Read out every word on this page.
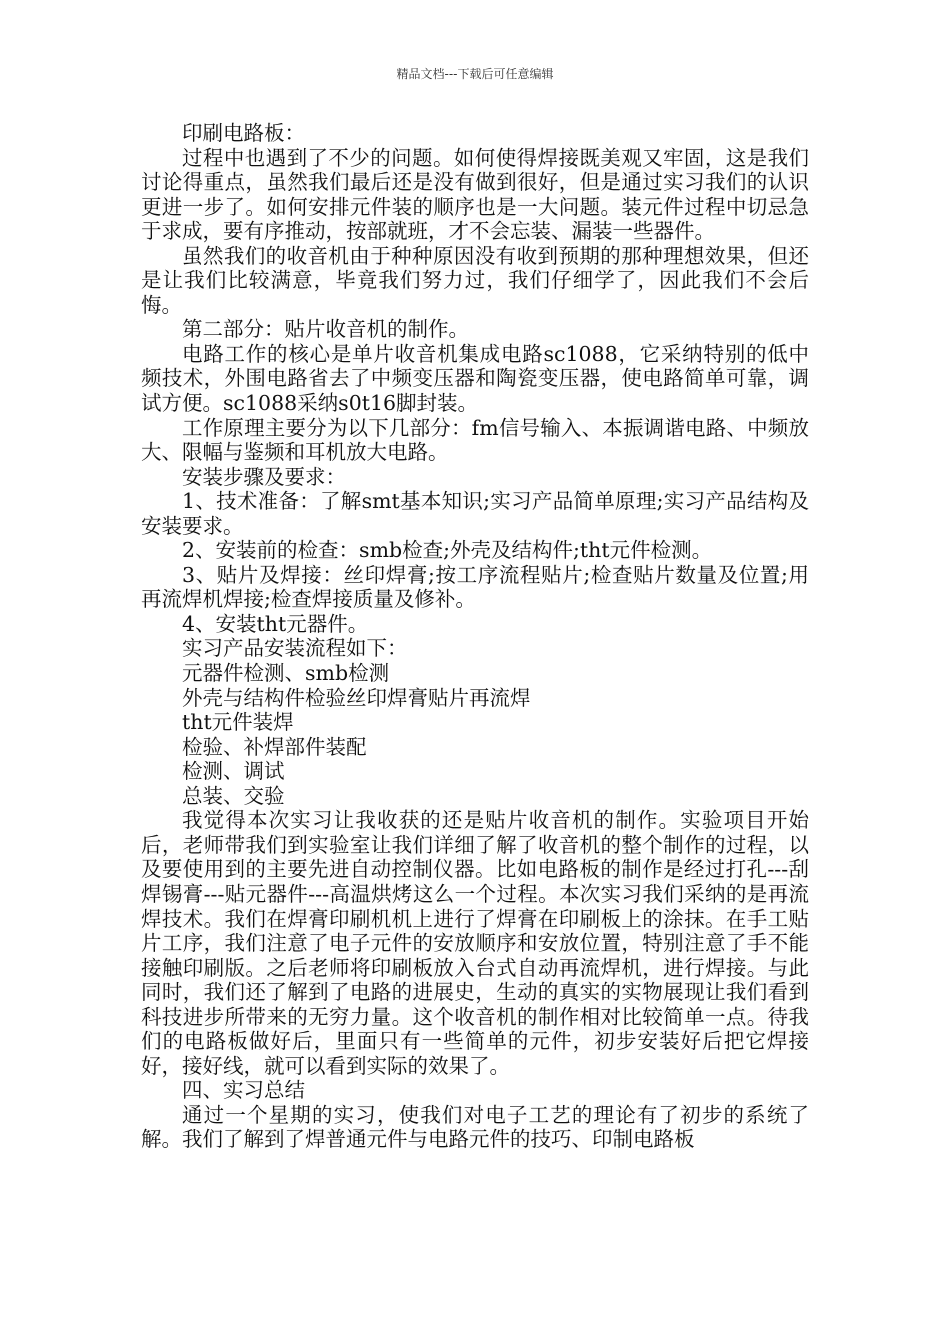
精品文档---下载后可任意编辑

印刷电路板：

过程中也遇到了不少的问题。如何使得焊接既美观又牢固，这是我们讨论得重点，虽然我们最后还是没有做到很好，但是通过实习我们的认识更进一步了。如何安排元件装的顺序也是一大问题。装元件过程中切忌急于求成，要有序推动，按部就班，才不会忘装、漏装一些器件。

虽然我们的收音机由于种种原因没有收到预期的那种理想效果，但还是让我们比较满意，毕竟我们努力过，我们仔细学了，因此我们不会后悔。

第二部分：贴片收音机的制作。

电路工作的核心是单片收音机集成电路sc1088，它采纳特别的低中频技术，外围电路省去了中频变压器和陶瓷变压器，使电路简单可靠，调试方便。sc1088采纳s0t16脚封装。

工作原理主要分为以下几部分：fm信号输入、本振调谐电路、中频放大、限幅与鉴频和耳机放大电路。

安装步骤及要求：

1、技术准备：了解smt基本知识;实习产品简单原理;实习产品结构及安装要求。

2、安装前的检查：smb检查;外壳及结构件;tht元件检测。

3、贴片及焊接：丝印焊膏;按工序流程贴片;检查贴片数量及位置;用再流焊机焊接;检查焊接质量及修补。

4、安装tht元器件。

实习产品安装流程如下：

元器件检测、smb检测

外壳与结构件检验丝印焊膏贴片再流焊

tht元件装焊

检验、补焊部件装配

检测、调试

总装、交验

我觉得本次实习让我收获的还是贴片收音机的制作。实验项目开始后，老师带我们到实验室让我们详细了解了收音机的整个制作的过程，以及要使用到的主要先进自动控制仪器。比如电路板的制作是经过打孔---刮焊锡膏---贴元器件---高温烘烤这么一个过程。本次实习我们采纳的是再流焊技术。我们在焊膏印刷机机上进行了焊膏在印刷板上的涂抹。在手工贴片工序，我们注意了电子元件的安放顺序和安放位置，特别注意了手不能接触印刷版。之后老师将印刷板放入台式自动再流焊机，进行焊接。与此同时，我们还了解到了电路的进展史，生动的真实的实物展现让我们看到科技进步所带来的无穷力量。这个收音机的制作相对比较简单一点。待我们的电路板做好后，里面只有一些简单的元件，初步安装好后把它焊接好，接好线，就可以看到实际的效果了。

四、实习总结

通过一个星期的实习，使我们对电子工艺的理论有了初步的系统了解。我们了解到了焊普通元件与电路元件的技巧、印制电路板
